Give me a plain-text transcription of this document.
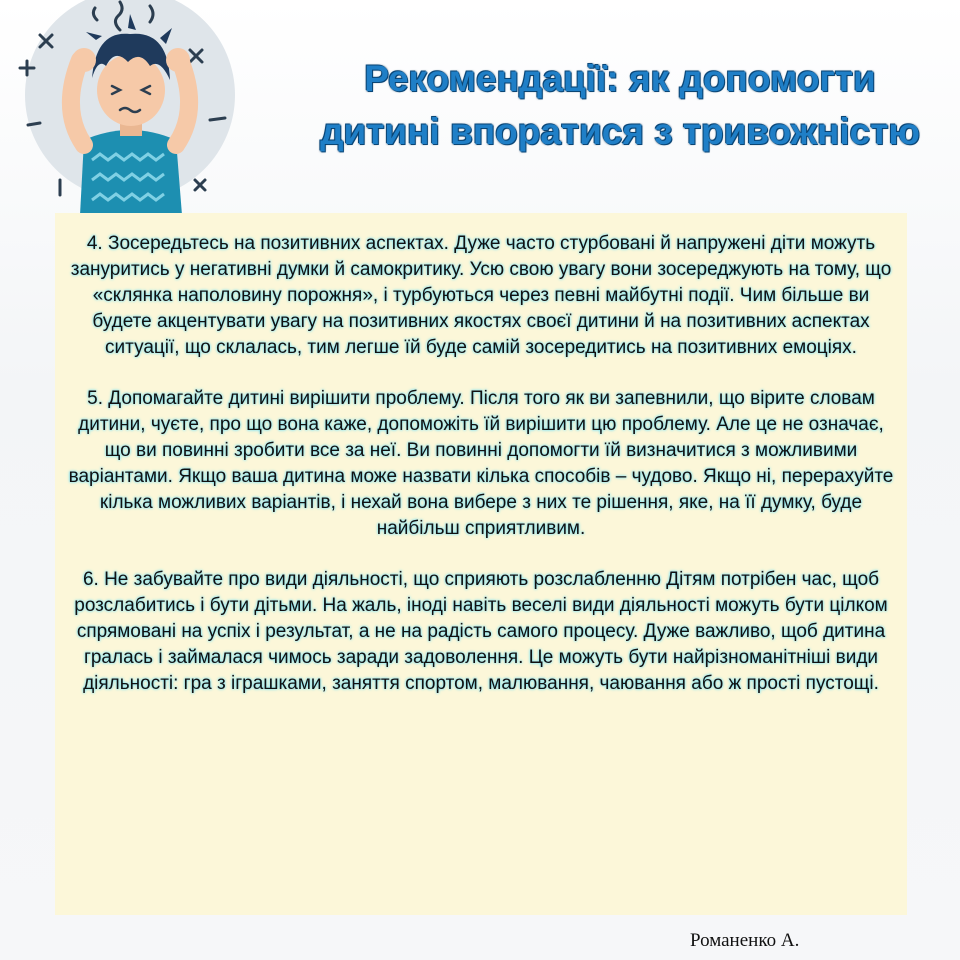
Рекомендації: як допомогти дитині впоратися з тривожністю

4. Зосередьтесь на позитивних аспектах. Дуже часто стурбовані й напружені діти можуть зануритись у негативні думки й самокритику. Усю свою увагу вони зосереджують на тому, що «склянка наполовину порожня», і турбуються через певні майбутні події. Чим більше ви будете акцентувати увагу на позитивних якостях своєї дитини й на позитивних аспектах ситуації, що склалась, тим легше їй буде самій зосередитись на позитивних емоціях.

5. Допомагайте дитині вирішити проблему. Після того як ви запевнили, що вірите словам дитини, чуєте, про що вона каже, допоможіть їй вирішити цю проблему. Але це не означає, що ви повинні зробити все за неї. Ви повинні допомогти їй визначитися з можливими варіантами. Якщо ваша дитина може назвати кілька способів – чудово. Якщо ні, перерахуйте кілька можливих варіантів, і нехай вона вибере з них те рішення, яке, на її думку, буде найбільш сприятливим.

6. Не забувайте про види діяльності, що сприяють розслабленню Дітям потрібен час, щоб розслабитись і бути дітьми. На жаль, іноді навіть веселі види діяльності можуть бути цілком спрямовані на успіх і результат, а не на радість самого процесу. Дуже важливо, щоб дитина гралась і займалася чимось заради задоволення. Це можуть бути найрізноманітніші види діяльності: гра з іграшками, заняття спортом, малювання, чаювання або ж прості пустощі.

Романенко А.
